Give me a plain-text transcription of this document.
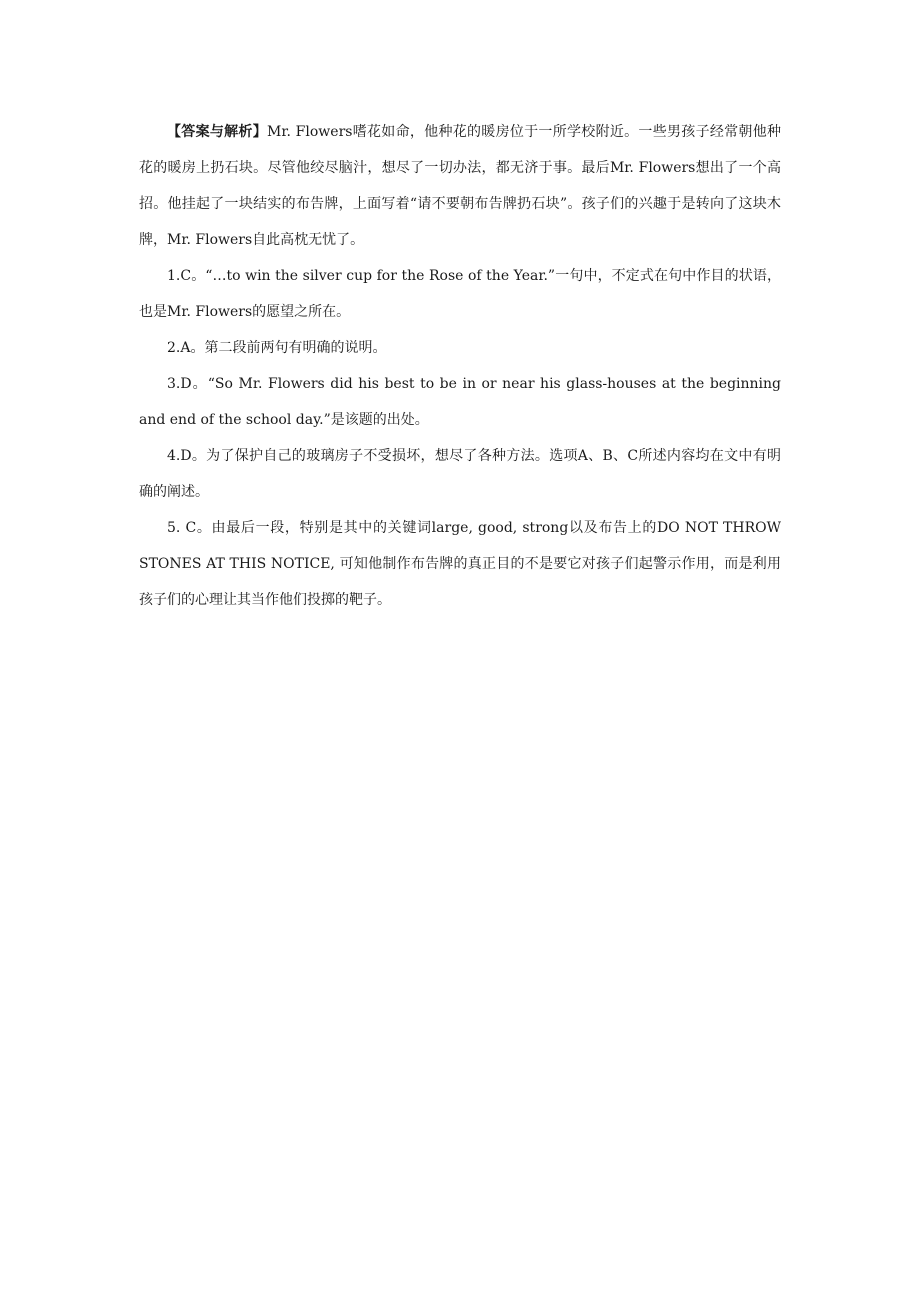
【答案与解析】Mr. Flowers嗜花如命，他种花的暖房位于一所学校附近。一些男孩子经常朝他种花的暖房上扔石块。尽管他绞尽脑汁，想尽了一切办法，都无济于事。最后Mr. Flowers想出了一个高招。他挂起了一块结实的布告牌，上面写着“请不要朝布告牌扔石块”。孩子们的兴趣于是转向了这块木牌，Mr. Flowers自此高枕无忧了。

1.C。“…to win the silver cup for the Rose of the Year.”一句中，不定式在句中作目的状语，也是Mr. Flowers的愿望之所在。

2.A。第二段前两句有明确的说明。

3.D。“So Mr. Flowers did his best to be in or near his glass-houses at the beginning and end of the school day.”是该题的出处。

4.D。为了保护自己的玻璃房子不受损坏，想尽了各种方法。选项A、B、C所述内容均在文中有明确的阐述。

5. C。由最后一段，特别是其中的关键词large, good, strong以及布告上的DO NOT THROW STONES AT THIS NOTICE, 可知他制作布告牌的真正目的不是要它对孩子们起警示作用，而是利用孩子们的心理让其当作他们投掷的靶子。
